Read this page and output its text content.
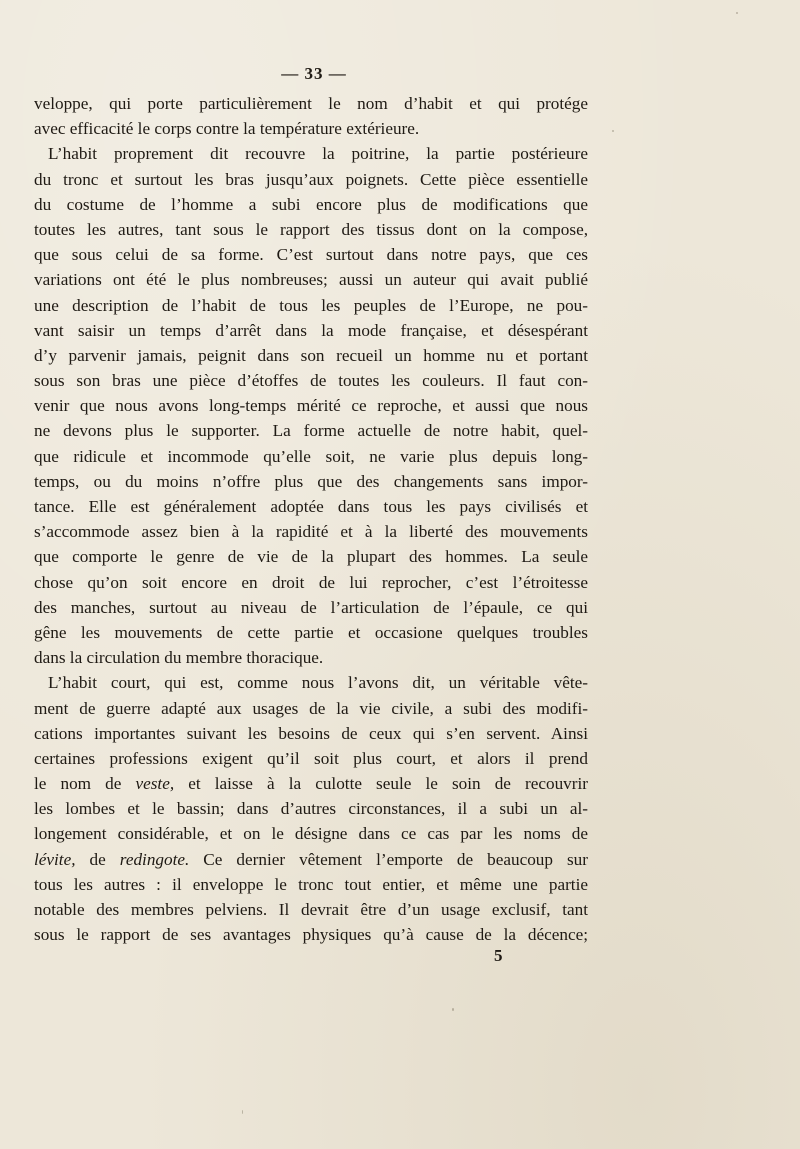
— 33 —
veloppe, qui porte particulièrement le nom d’habit et qui protége
avec efficacité le corps contre la température extérieure.
L’habit proprement dit recouvre la poitrine, la partie postérieure
du tronc et surtout les bras jusqu’aux poignets. Cette pièce essentielle
du costume de l’homme a subi encore plus de modifications que
toutes les autres, tant sous le rapport des tissus dont on la compose,
que sous celui de sa forme. C’est surtout dans notre pays, que ces
variations ont été le plus nombreuses; aussi un auteur qui avait publié
une description de l’habit de tous les peuples de l’Europe, ne pou-
vant saisir un temps d’arrêt dans la mode française, et désespérant
d’y parvenir jamais, peignit dans son recueil un homme nu et portant
sous son bras une pièce d’étoffes de toutes les couleurs. Il faut con-
venir que nous avons long-temps mérité ce reproche, et aussi que nous
ne devons plus le supporter. La forme actuelle de notre habit, quel-
que ridicule et incommode qu’elle soit, ne varie plus depuis long-
temps, ou du moins n’offre plus que des changements sans impor-
tance. Elle est généralement adoptée dans tous les pays civilisés et
s’accommode assez bien à la rapidité et à la liberté des mouvements
que comporte le genre de vie de la plupart des hommes. La seule
chose qu’on soit encore en droit de lui reprocher, c’est l’étroitesse
des manches, surtout au niveau de l’articulation de l’épaule, ce qui
gêne les mouvements de cette partie et occasione quelques troubles
dans la circulation du membre thoracique.
L’habit court, qui est, comme nous l’avons dit, un véritable vête-
ment de guerre adapté aux usages de la vie civile, a subi des modifi-
cations importantes suivant les besoins de ceux qui s’en servent. Ainsi
certaines professions exigent qu’il soit plus court, et alors il prend
le nom de veste, et laisse à la culotte seule le soin de recouvrir
les lombes et le bassin; dans d’autres circonstances, il a subi un al-
longement considérable, et on le désigne dans ce cas par les noms de
lévite, de redingote. Ce dernier vêtement l’emporte de beaucoup sur
tous les autres : il enveloppe le tronc tout entier, et même une partie
notable des membres pelviens. Il devrait être d’un usage exclusif, tant
sous le rapport de ses avantages physiques qu’à cause de la décence;
5
